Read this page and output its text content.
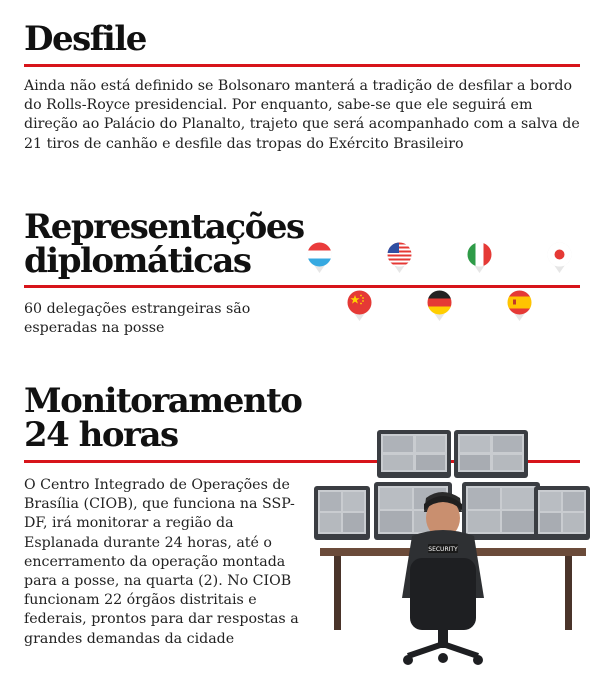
Desfile

Ainda não está definido se Bolsonaro manterá a tradição de desfilar a bordo do Rolls-Royce presidencial. Por enquanto, sabe-se que ele seguirá em direção ao Palácio do Planalto, trajeto que será acompanhado com a salva de 21 tiros de canhão e desfile das tropas do Exército Brasileiro

Representações
diplomáticas

60 delegações estrangeiras são esperadas na posse

Monitoramento
24 horas

O Centro Integrado de Operações de Brasília (CIOB), que funciona na SSP-DF, irá monitorar a região da Esplanada durante 24 horas, até o encerramento da operação montada para a posse, na quarta (2). No CIOB funcionam 22 órgãos distritais e federais, prontos para dar respostas a grandes demandas da cidade

SECURITY
